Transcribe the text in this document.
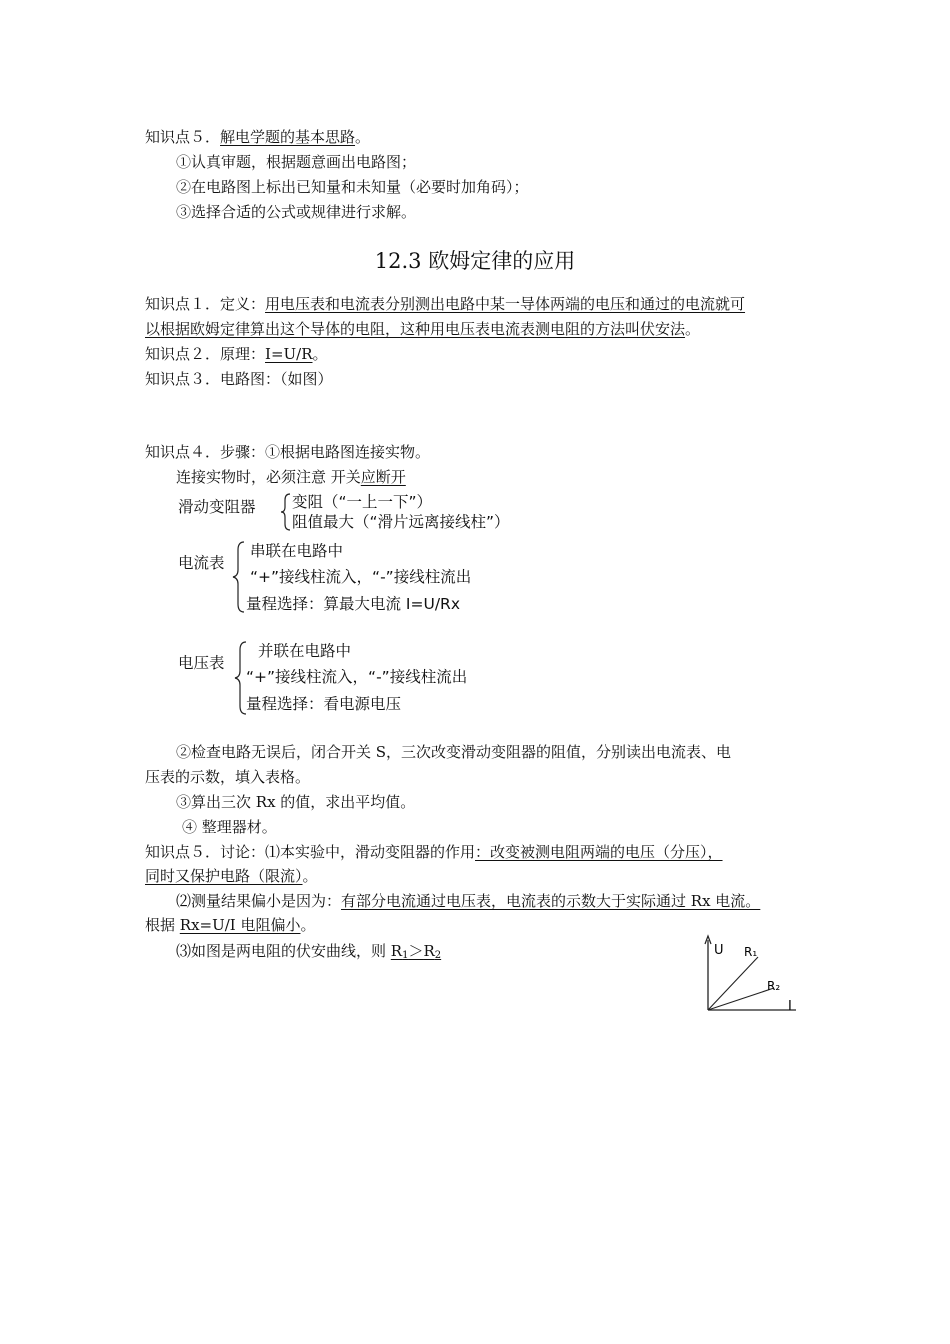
知识点５．解电学题的基本思路。
①认真审题，根据题意画出电路图；
②在电路图上标出已知量和未知量（必要时加角码）；
③选择合适的公式或规律进行求解。
12.3 欧姆定律的应用
知识点１．定义：用电压表和电流表分别测出电路中某一导体两端的电压和通过的电流就可
以根据欧姆定律算出这个导体的电阻，这种用电压表电流表测电阻的方法叫伏安法。
知识点２．原理：I=U/R。
知识点３．电路图：（如图）
知识点４．步骤：①根据电路图连接实物。
连接实物时，必须注意 开关应断开
滑动变阻器 变阻（“一上一下”）
阻值最大（“滑片远离接线柱”）
电流表
串联在电路中
“+”接线柱流入，“-”接线柱流出
量程选择：算最大电流 I=U/Rx
电压表
并联在电路中
“+”接线柱流入，“-”接线柱流出
量程选择：看电源电压
②检查电路无误后，闭合开关 S，三次改变滑动变阻器的阻值，分别读出电流表、电
压表的示数，填入表格。
③算出三次 Rx 的值，求出平均值。
④ 整理器材。
知识点５．讨论：⑴本实验中，滑动变阻器的作用：改变被测电阻两端的电压（分压），
同时又保护电路（限流）。
⑵测量结果偏小是因为：有部分电流通过电压表，电流表的示数大于实际通过 Rx 电流。
根据 Rx=U/I 电阻偏小。
⑶如图是两电阻的伏安曲线，则 $R_1>R_2$	U R₁
R₂
I
